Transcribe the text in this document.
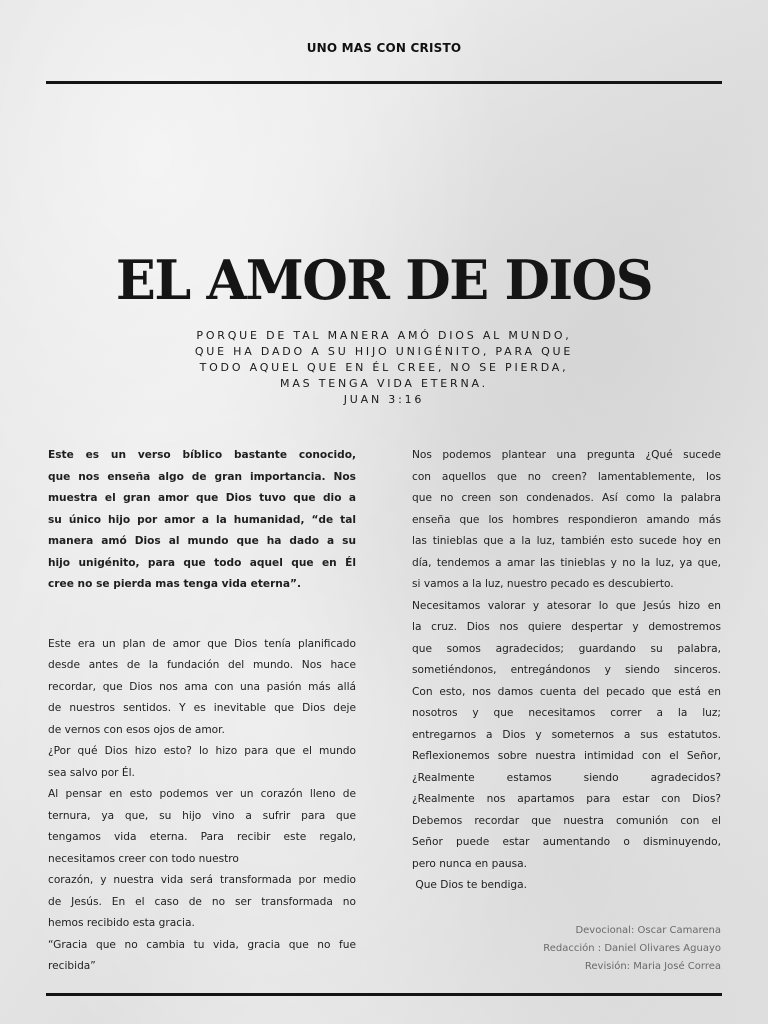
UNO MAS CON CRISTO
EL AMOR DE DIOS
PORQUE DE TAL MANERA AMÓ DIOS AL MUNDO,
QUE HA DADO A SU HIJO UNIGÉNITO, PARA QUE
TODO AQUEL QUE EN ÉL CREE, NO SE PIERDA,
MAS TENGA VIDA ETERNA.
JUAN 3:16
Este es un verso bíblico bastante conocido,
que nos enseña algo de gran importancia. Nos
muestra el gran amor que Dios tuvo que dio a
su único hijo por amor a la humanidad, “de tal
manera amó Dios al mundo que ha dado a su
hijo unigénito, para que todo aquel que en Él
cree no se pierda mas tenga vida eterna”.
Este era un plan de amor que Dios tenía planificado
desde antes de la fundación del mundo. Nos hace
recordar, que Dios nos ama con una pasión más allá
de nuestros sentidos. Y es inevitable que Dios deje
de vernos con esos ojos de amor.
¿Por qué Dios hizo esto? lo hizo para que el mundo
sea salvo por Él.
Al pensar en esto podemos ver un corazón lleno de
ternura, ya que, su hijo vino a sufrir para que
tengamos vida eterna. Para recibir este regalo,
necesitamos creer con todo nuestro
corazón, y nuestra vida será transformada por medio
de Jesús. En el caso de no ser transformada no
hemos recibido esta gracia.
“Gracia que no cambia tu vida, gracia que no fue
recibida”
Nos podemos plantear una pregunta ¿Qué sucede
con aquellos que no creen? lamentablemente, los
que no creen son condenados. Así como la palabra
enseña que los hombres respondieron amando más
las tinieblas que a la luz, también esto sucede hoy en
día, tendemos a amar las tinieblas y no la luz, ya que,
si vamos a la luz, nuestro pecado es descubierto.
Necesitamos valorar y atesorar lo que Jesús hizo en
la cruz. Dios nos quiere despertar y demostremos
que somos agradecidos; guardando su palabra,
sometiéndonos, entregándonos y siendo sinceros.
Con esto, nos damos cuenta del pecado que está en
nosotros y que necesitamos correr a la luz;
entregarnos a Dios y someternos a sus estatutos.
Reflexionemos sobre nuestra intimidad con el Señor,
¿Realmente estamos siendo agradecidos?
¿Realmente nos apartamos para estar con Dios?
Debemos recordar que nuestra comunión con el
Señor puede estar aumentando o disminuyendo,
pero nunca en pausa.
Que Dios te bendiga.
Devocional: Oscar Camarena
Redacción : Daniel Olivares Aguayo
Revisión: Maria José Correa
